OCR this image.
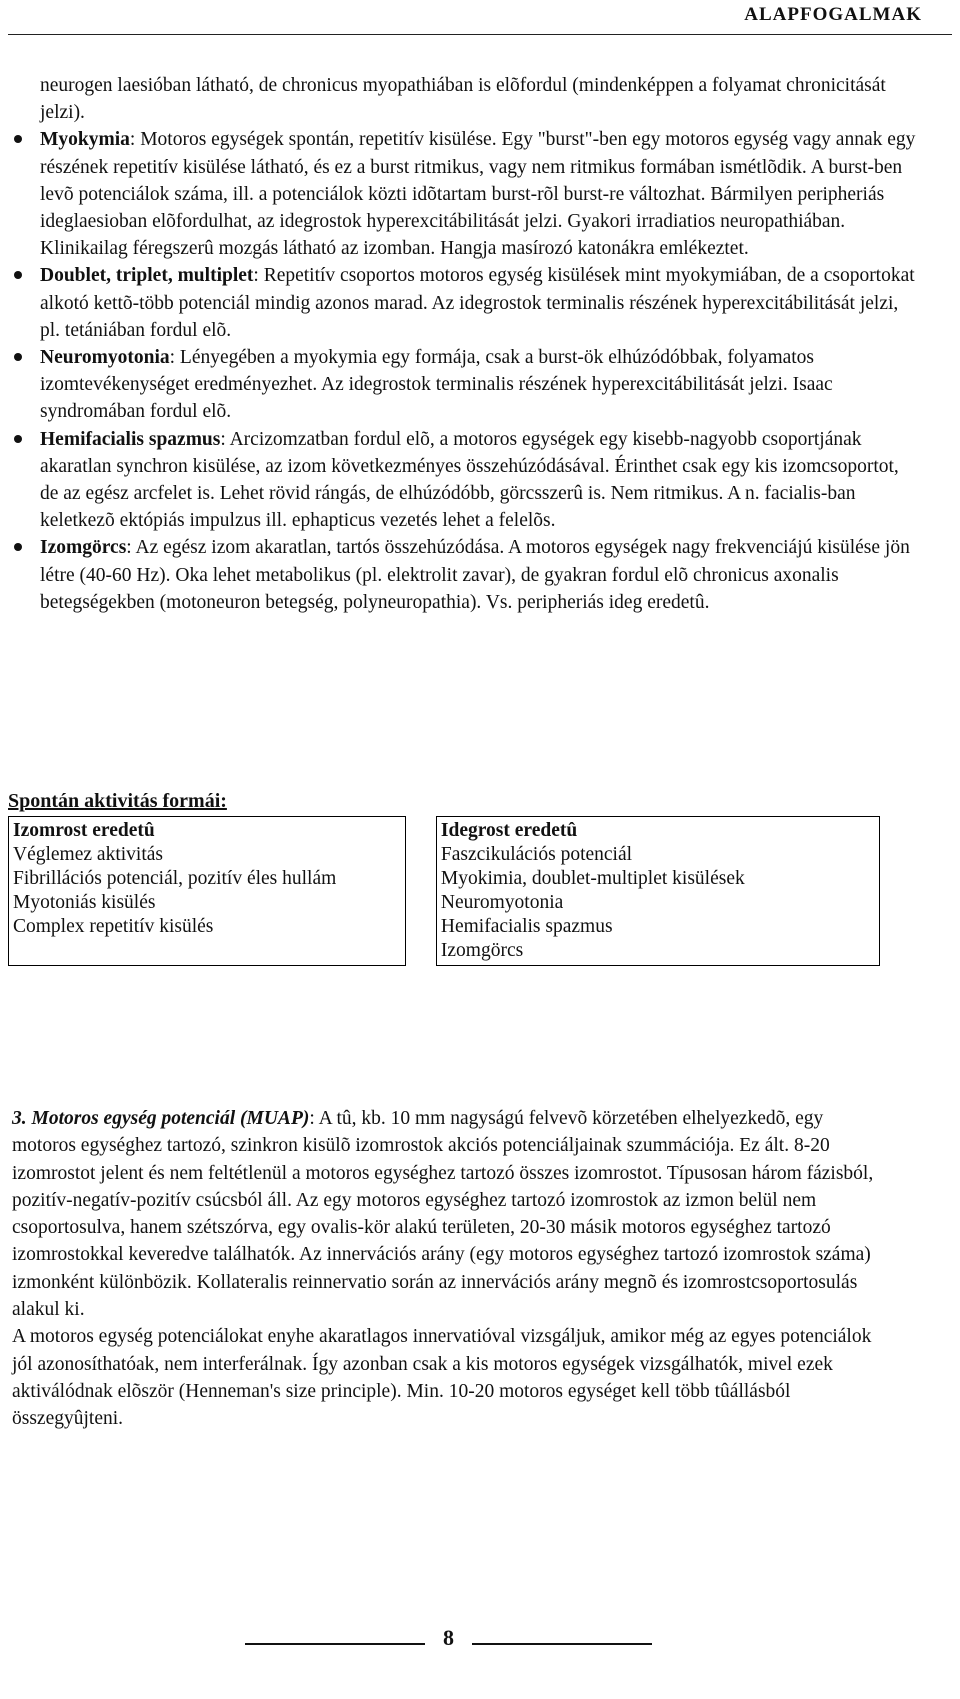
ALAPFOGALMAK

neurogen laesióban látható, de chronicus myopathiában is elõfordul (mindenképpen a folyamat chronicitását jelzi).

Myokymia: Motoros egységek spontán, repetitív kisülése. Egy "burst"-ben egy motoros egység vagy annak egy részének repetitív kisülése látható, és ez a burst ritmikus, vagy nem ritmikus formában ismétlõdik. A burst-ben levõ potenciálok száma, ill. a potenciálok közti idõtartam burst-rõl burst-re változhat. Bármilyen peripheriás ideglaesioban elõfordulhat, az idegrostok hyperexcitábilitását jelzi. Gyakori irradiatios neuropathiában. Klinikailag féregszerû mozgás látható az izomban. Hangja masírozó katonákra emlékeztet.
Doublet, triplet, multiplet: Repetitív csoportos motoros egység kisülések mint myokymiában, de a csoportokat alkotó kettõ-több potenciál mindig azonos marad. Az idegrostok terminalis részének hyperexcitábilitását jelzi, pl. tetániában fordul elõ.
Neuromyotonia: Lényegében a myokymia egy formája, csak a burst-ök elhúzódóbbak, folyamatos izomtevékenységet eredményezhet. Az idegrostok terminalis részének hyperexcitábilitását jelzi. Isaac syndromában fordul elõ.
Hemifacialis spazmus: Arcizomzatban fordul elõ, a motoros egységek egy kisebb-nagyobb csoportjának akaratlan synchron kisülése, az izom következményes összehúzódásával. Érinthet csak egy kis izomcsoportot, de az egész arcfelet is. Lehet rövid rángás, de elhúzódóbb, görcsszerû is. Nem ritmikus. A n. facialis-ban keletkezõ ektópiás impulzus ill. ephapticus vezetés lehet a felelõs.
Izomgörcs: Az egész izom akaratlan, tartós összehúzódása. A motoros egységek nagy frekvenciájú kisülése jön létre (40-60 Hz). Oka lehet metabolikus (pl. elektrolit zavar), de gyakran fordul elõ chronicus axonalis betegségekben (motoneuron betegség, polyneuropathia). Vs. peripheriás ideg eredetû.
Spontán aktivitás formái:
Izomrost eredetû
Véglemez aktivitás
Fibrillációs potenciál, pozitív éles hullám
Myotoniás kisülés
Complex repetitív kisülés

Idegrost eredetû
Faszcikulációs potenciál
Myokimia, doublet-multiplet kisülések
Neuromyotonia
Hemifacialis spazmus
Izomgörcs
3. Motoros egység potenciál (MUAP): A tû, kb. 10 mm nagyságú felvevõ körzetében elhelyezkedõ, egy motoros egységhez tartozó, szinkron kisülõ izomrostok akciós potenciáljainak szummációja. Ez ált. 8-20 izomrostot jelent és nem feltétlenül a motoros egységhez tartozó összes izomrostot. Típusosan három fázisból, pozitív-negatív-pozitív csúcsból áll. Az egy motoros egységhez tartozó izomrostok az izmon belül nem csoportosulva, hanem szétszórva, egy ovalis-kör alakú területen, 20-30 másik motoros egységhez tartozó izomrostokkal keveredve találhatók. Az innervációs arány (egy motoros egységhez tartozó izomrostok száma) izmonként különbözik. Kollateralis reinnervatio során az innervációs arány megnõ és izomrostcsoportosulás alakul ki.
A motoros egység potenciálokat enyhe akaratlagos innervatióval vizsgáljuk, amikor még az egyes potenciálok jól azonosíthatóak, nem interferálnak. Így azonban csak a kis motoros egységek vizsgálhatók, mivel ezek aktiválódnak elõször (Henneman's size principle). Min. 10-20 motoros egységet kell több tûállásból összegyûjteni.
8
